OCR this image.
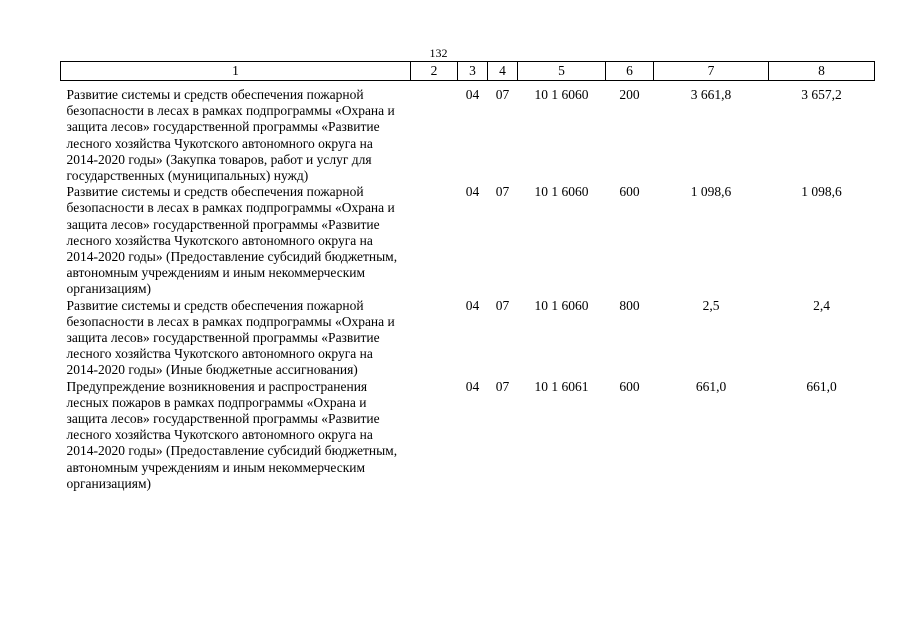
132
1	2	3	4	5	6	7	8
Развитие системы и средств обеспечения пожарной безопасности в лесах в рамках подпрограммы «Охрана и защита лесов» государственной программы «Развитие лесного хозяйства Чукотского автономного округа на 2014-2020 годы» (Закупка товаров, работ и услуг для государственных (муниципальных) нужд)		04	07	10 1 6060	200	3 661,8	3 657,2
Развитие системы и средств обеспечения пожарной безопасности в лесах в рамках подпрограммы «Охрана и защита лесов» государственной программы «Развитие лесного хозяйства Чукотского автономного округа на 2014-2020 годы» (Предоставление субсидий бюджетным, автономным учреждениям и иным некоммерческим организациям)		04	07	10 1 6060	600	1 098,6	1 098,6
Развитие системы и средств обеспечения пожарной безопасности в лесах в рамках подпрограммы «Охрана и защита лесов» государственной программы «Развитие лесного хозяйства Чукотского автономного округа на 2014-2020 годы» (Иные бюджетные ассигнования)		04	07	10 1 6060	800	2,5	2,4
Предупреждение возникновения и распространения лесных пожаров в рамках подпрограммы «Охрана и защита лесов» государственной программы «Развитие лесного хозяйства Чукотского автономного округа на 2014-2020 годы» (Предоставление субсидий бюджетным, автономным учреждениям и иным некоммерческим организациям)		04	07	10 1 6061	600	661,0	661,0
